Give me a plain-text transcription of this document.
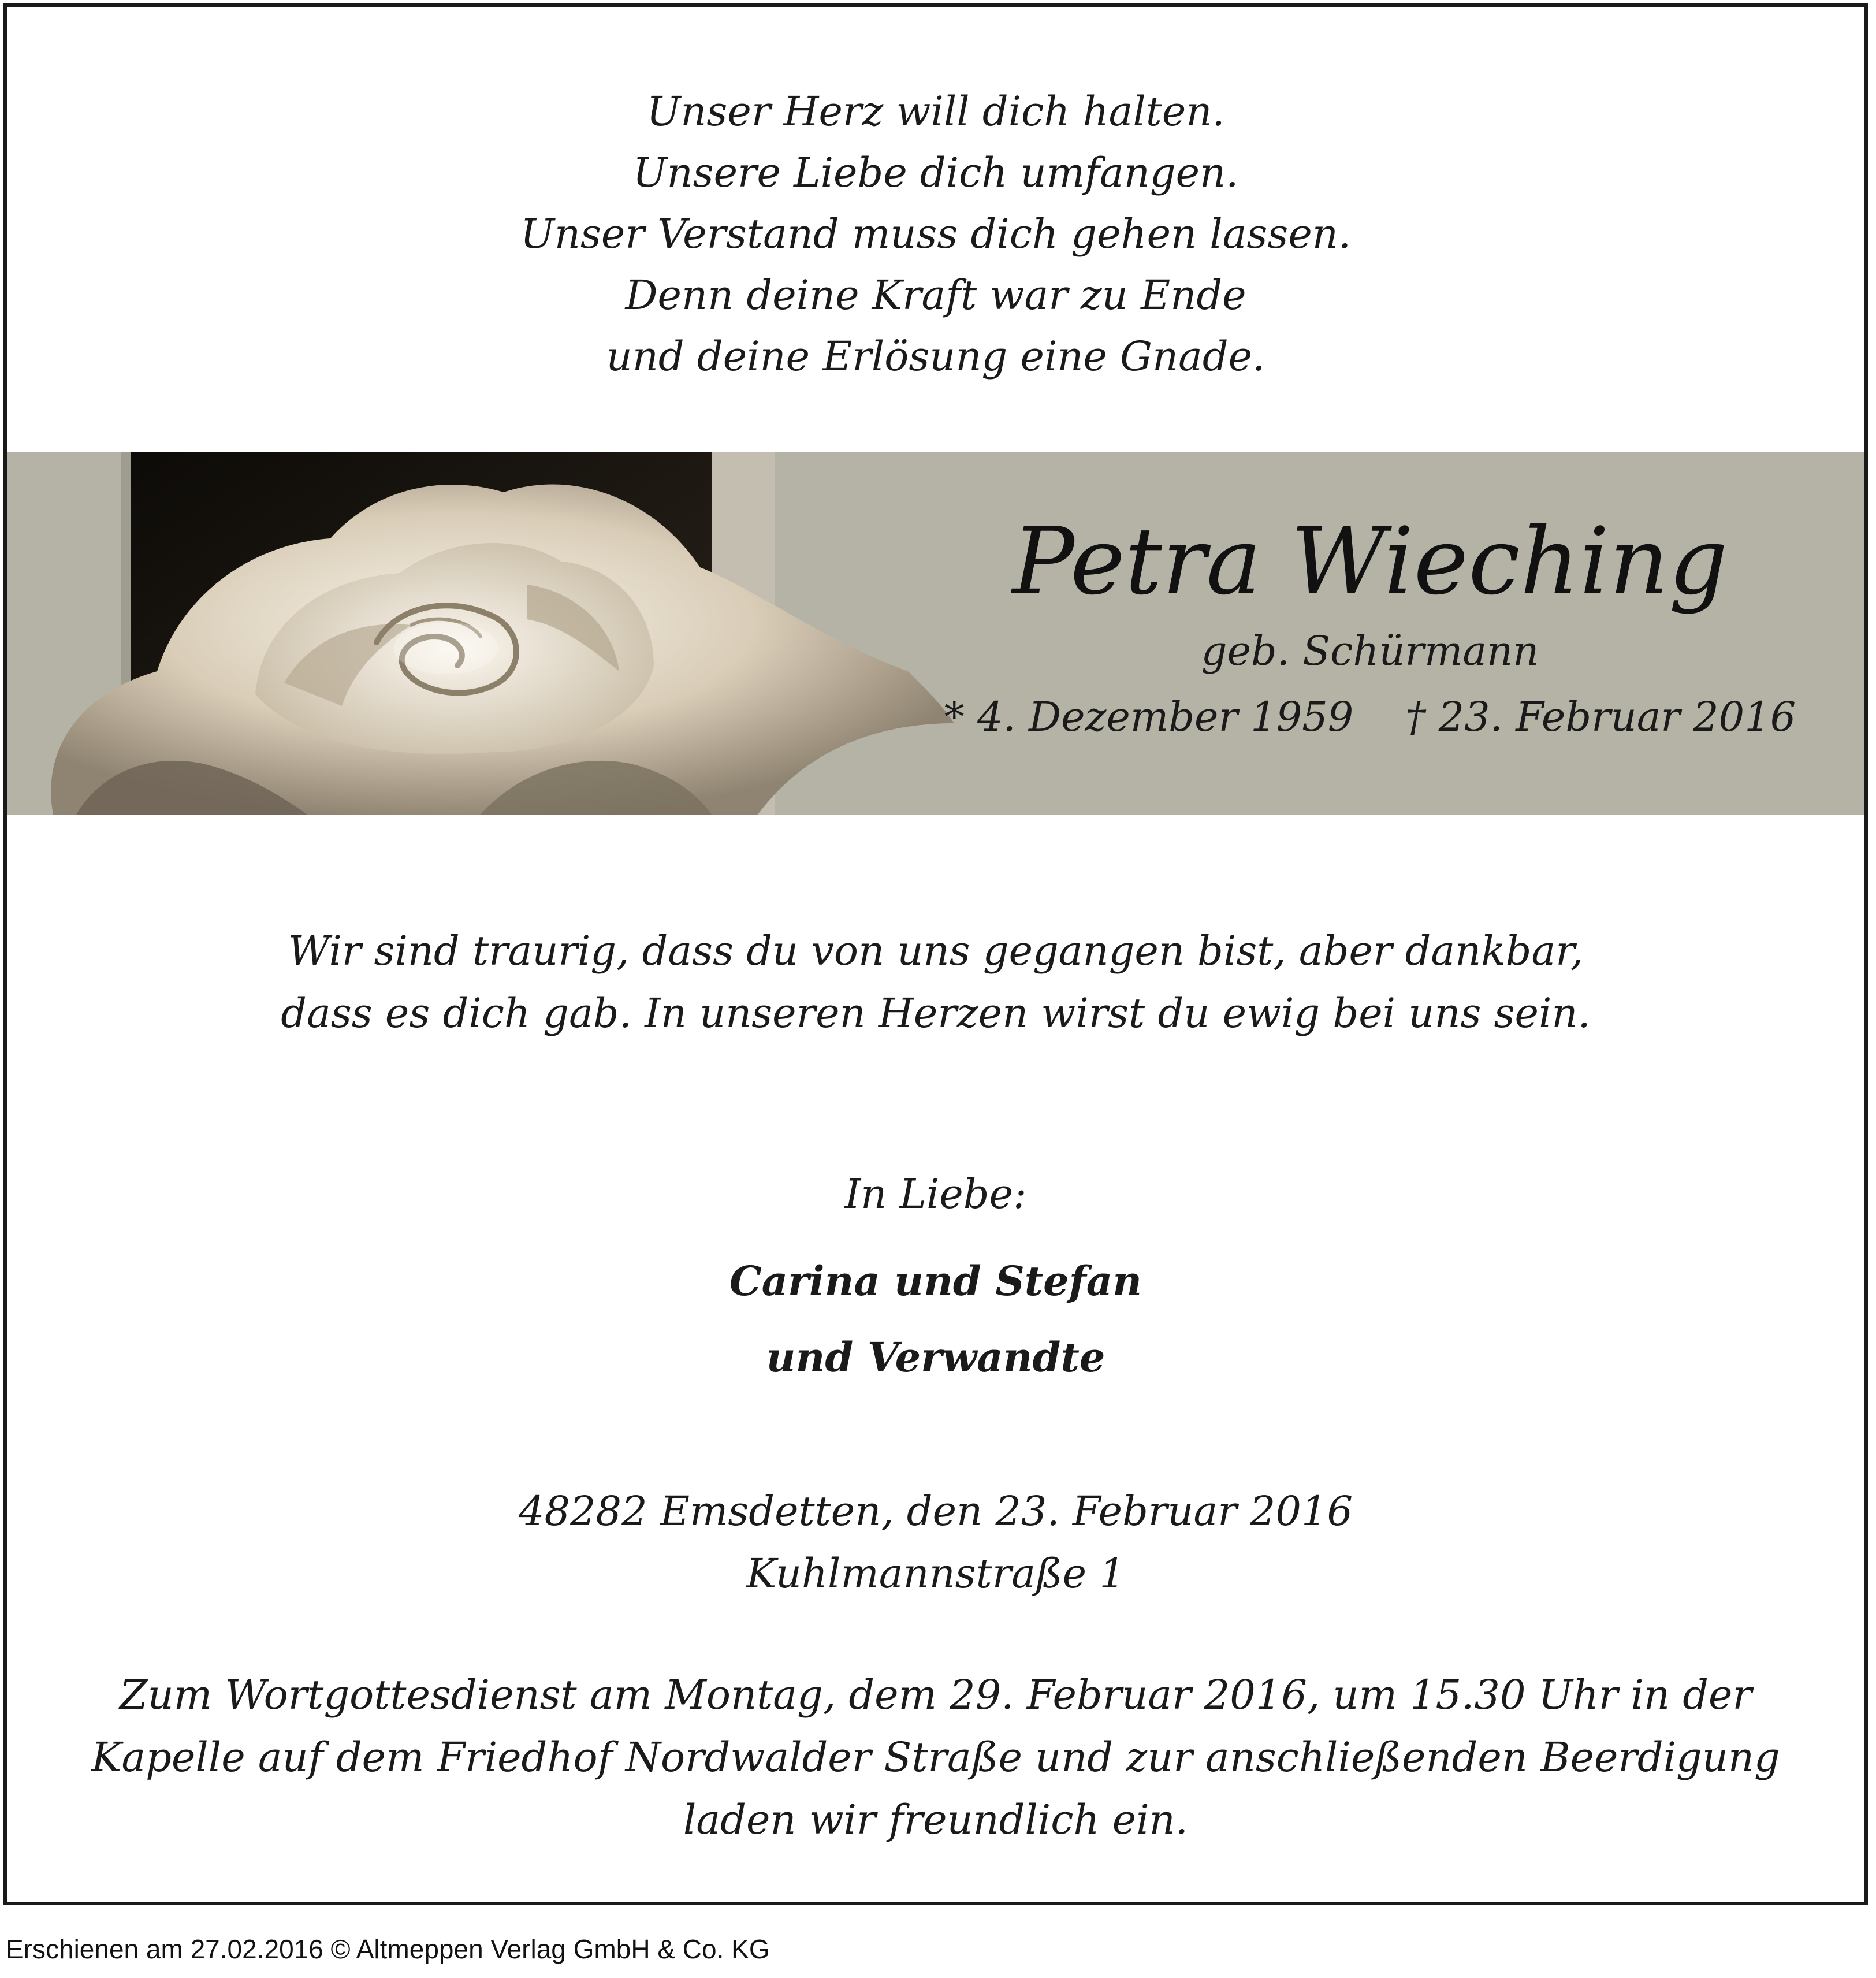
Unser Herz will dich halten.
Unsere Liebe dich umfangen.
Unser Verstand muss dich gehen lassen.
Denn deine Kraft war zu Ende
und deine Erlösung eine Gnade.
Petra Wieching
geb. Schürmann
* 4. Dezember 1959 † 23. Februar 2016
Wir sind traurig, dass du von uns gegangen bist, aber dankbar,
dass es dich gab. In unseren Herzen wirst du ewig bei uns sein.
In Liebe:
Carina und Stefan
und Verwandte
48282 Emsdetten, den 23. Februar 2016
Kuhlmannstraße 1
Zum Wortgottesdienst am Montag, dem 29. Februar 2016, um 15.30 Uhr in der
Kapelle auf dem Friedhof Nordwalder Straße und zur anschließenden Beerdigung
laden wir freundlich ein.
Erschienen am 27.02.2016 © Altmeppen Verlag GmbH & Co. KG
